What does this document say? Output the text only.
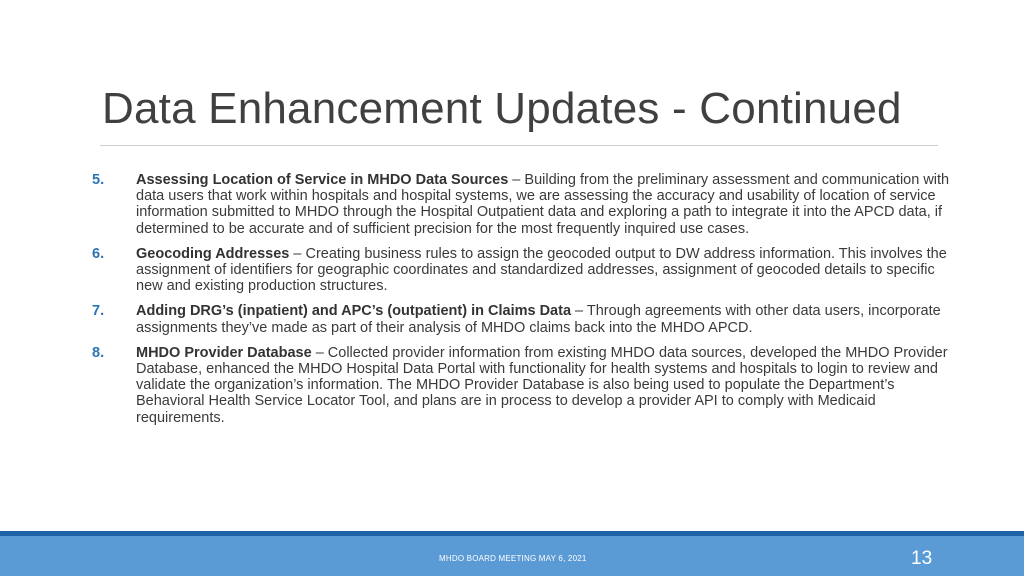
Data Enhancement Updates - Continued
5. Assessing Location of Service in MHDO Data Sources – Building from the preliminary assessment and communication with data users that work within hospitals and hospital systems, we are assessing the accuracy and usability of location of service information submitted to MHDO through the Hospital Outpatient data and exploring a path to integrate it into the APCD data, if determined to be accurate and of sufficient precision for the most frequently inquired use cases.
6. Geocoding Addresses – Creating business rules to assign the geocoded output to DW address information. This involves the assignment of identifiers for geographic coordinates and standardized addresses, assignment of geocoded details to specific new and existing production structures.
7. Adding DRG’s (inpatient) and APC’s (outpatient) in Claims Data – Through agreements with other data users, incorporate assignments they’ve made as part of their analysis of MHDO claims back into the MHDO APCD.
8. MHDO Provider Database – Collected provider information from existing MHDO data sources, developed the MHDO Provider Database, enhanced the MHDO Hospital Data Portal with functionality for health systems and hospitals to login to review and validate the organization’s information. The MHDO Provider Database is also being used to populate the Department’s Behavioral Health Service Locator Tool, and plans are in process to develop a provider API to comply with Medicaid requirements.
MHDO BOARD MEETING MAY 6, 2021	13
